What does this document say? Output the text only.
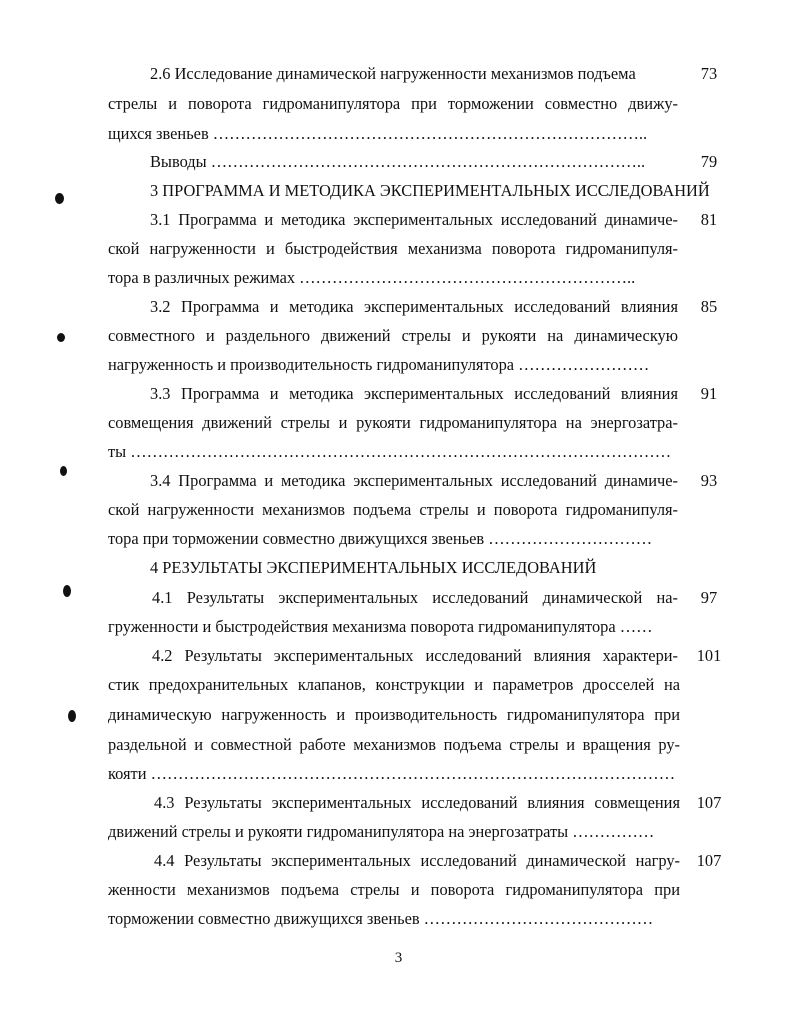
2.6 Исследование динамической нагруженности механизмов подъема	73
стрелы и поворота гидроманипулятора при торможении совместно движу-
щихся звеньев ……………………………………………………………………..
Выводы ……………………………………………………………………..	79
3 ПРОГРАММА И МЕТОДИКА ЭКСПЕРИМЕНТАЛЬНЫХ ИССЛЕДОВАНИЙ
3.1 Программа и методика экспериментальных исследований динамиче-	81
ской нагруженности и быстродействия механизма поворота гидроманипуля-
тора в различных режимах ……………………………………………………..
3.2 Программа и методика экспериментальных исследований влияния	85
совместного и раздельного движений стрелы и рукояти на динамическую
нагруженность и производительность гидроманипулятора ……………………
3.3 Программа и методика экспериментальных исследований влияния	91
совмещения движений стрелы и рукояти гидроманипулятора на энергозатра-
ты ………………………………………………………………………………………
3.4 Программа и методика экспериментальных исследований динамиче-	93
ской нагруженности механизмов подъема стрелы и поворота гидроманипуля-
тора при торможении совместно движущихся звеньев …………………………
4 РЕЗУЛЬТАТЫ ЭКСПЕРИМЕНТАЛЬНЫХ ИССЛЕДОВАНИЙ
4.1 Результаты экспериментальных исследований динамической на-	97
груженности и быстродействия механизма поворота гидроманипулятора ……
4.2 Результаты экспериментальных исследований влияния характери-	101
стик предохранительных клапанов, конструкции и параметров дросселей на
динамическую нагруженность и производительность гидроманипулятора при
раздельной и совместной работе механизмов подъема стрелы и вращения ру-
кояти ……………………………………………………………………………………
4.3 Результаты экспериментальных исследований влияния совмещения	107
движений стрелы и рукояти гидроманипулятора на энергозатраты ……………
4.4 Результаты экспериментальных исследований динамической нагру-	107
женности механизмов подъема стрелы и поворота гидроманипулятора при
торможении совместно движущихся звеньев ……………………………………
3
